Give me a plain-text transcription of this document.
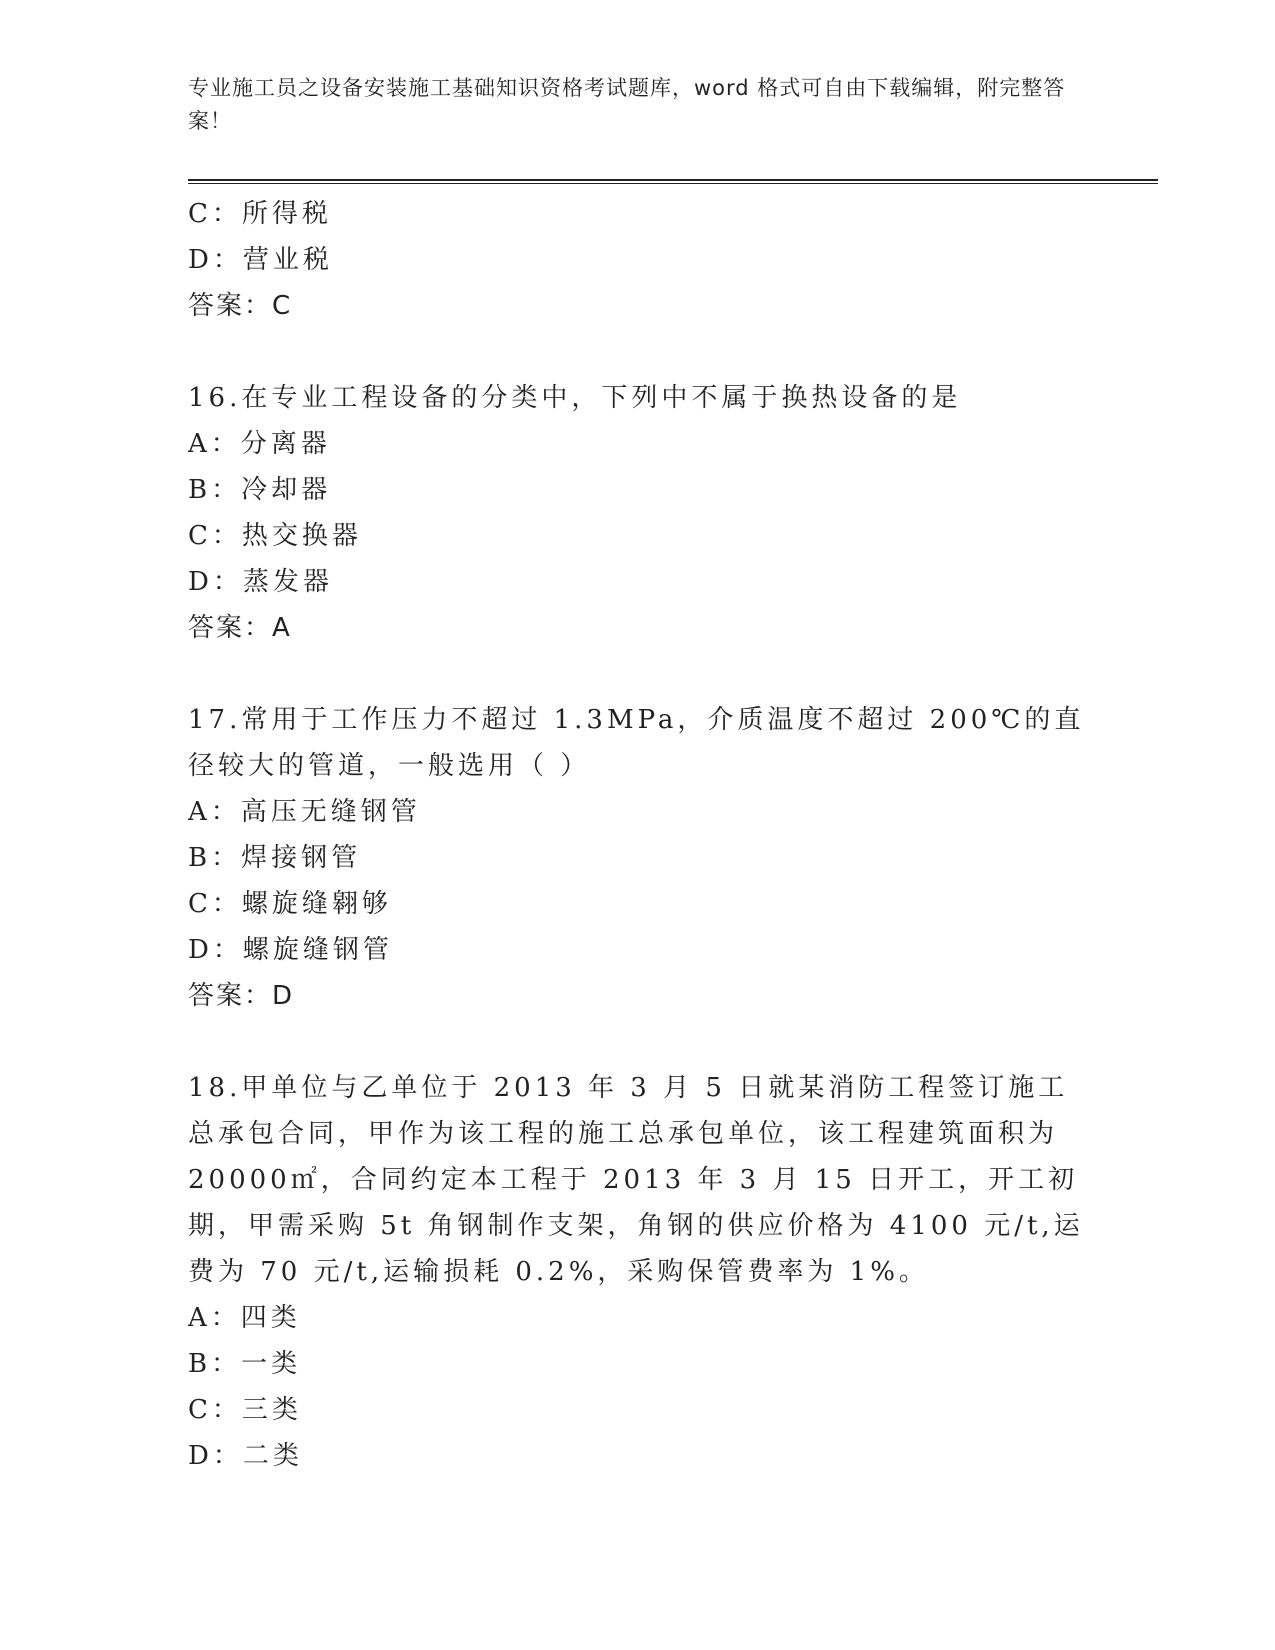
专业施工员之设备安装施工基础知识资格考试题库，word 格式可自由下载编辑，附完整答案！
C：所得税
D：营业税
答案：C
16.在专业工程设备的分类中，下列中不属于换热设备的是
A：分离器
B：冷却器
C：热交换器
D：蒸发器
答案：A
17.常用于工作压力不超过 1.3MPa，介质温度不超过 200℃的直径较大的管道，一般选用（ ）
A：高压无缝钢管
B：焊接钢管
C：螺旋缝翱够
D：螺旋缝钢管
答案：D
18.甲单位与乙单位于 2013 年 3 月 5 日就某消防工程签订施工总承包合同，甲作为该工程的施工总承包单位，该工程建筑面积为 20000㎡，合同约定本工程于 2013 年 3 月 15 日开工，开工初期，甲需采购 5t 角钢制作支架，角钢的供应价格为 4100 元/t,运费为 70 元/t,运输损耗 0.2%，采购保管费率为 1%。
A：四类
B：一类
C：三类
D：二类
